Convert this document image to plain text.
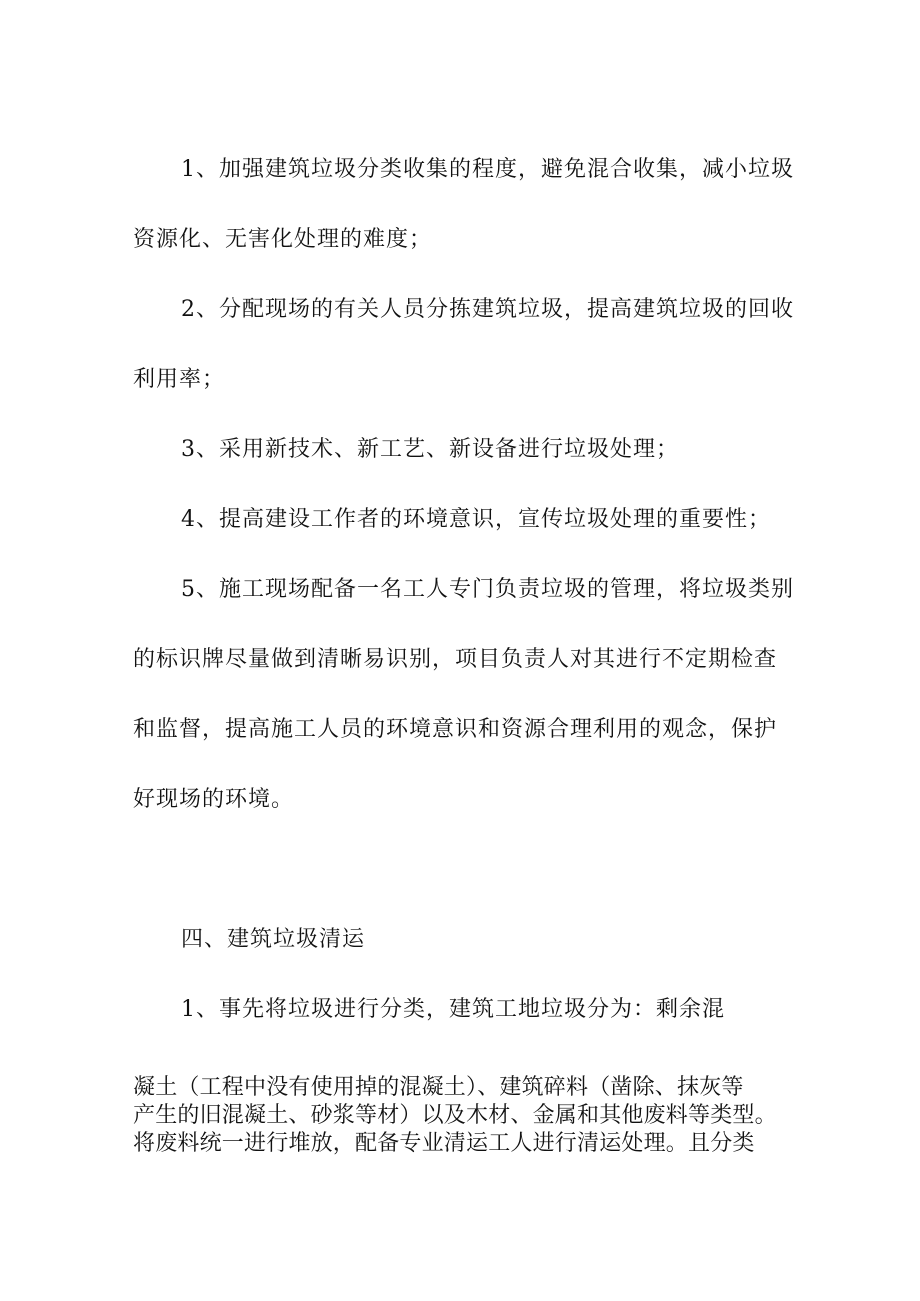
1、加强建筑垃圾分类收集的程度，避免混合收集，减小垃圾
资源化、无害化处理的难度；
2、分配现场的有关人员分拣建筑垃圾，提高建筑垃圾的回收
利用率；
3、采用新技术、新工艺、新设备进行垃圾处理；
4、提高建设工作者的环境意识，宣传垃圾处理的重要性；
5、施工现场配备一名工人专门负责垃圾的管理，将垃圾类别
的标识牌尽量做到清晰易识别，项目负责人对其进行不定期检查
和监督，提高施工人员的环境意识和资源合理利用的观念，保护
好现场的环境。
四、建筑垃圾清运
1、事先将垃圾进行分类，建筑工地垃圾分为：剩余混
凝土（工程中没有使用掉的混凝土）、建筑碎料（凿除、抹灰等
产生的旧混凝土、砂浆等材）以及木材、金属和其他废料等类型。
将废料统一进行堆放，配备专业清运工人进行清运处理。且分类
